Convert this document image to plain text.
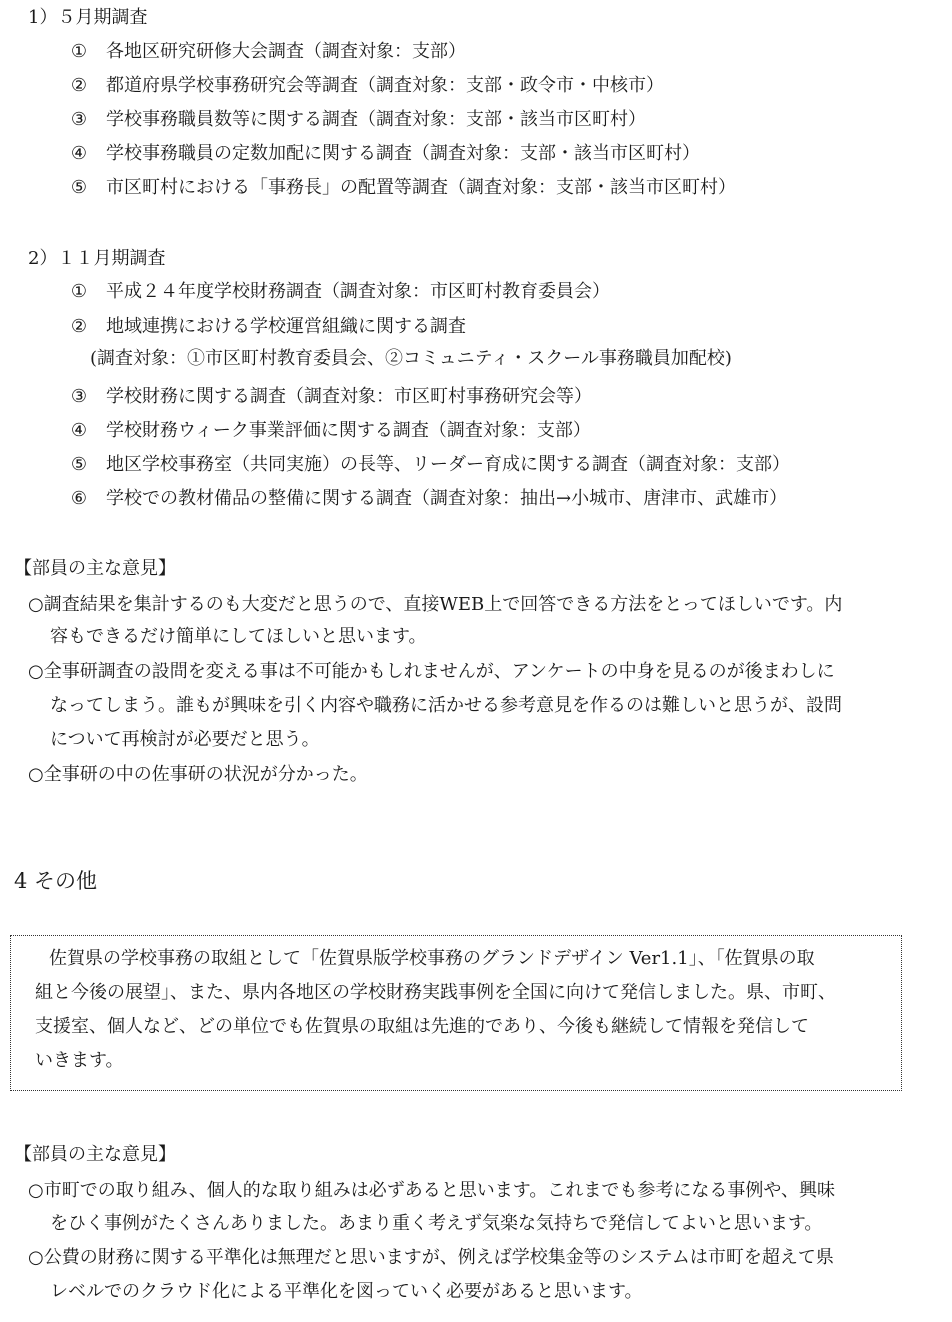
1）５月期調査
① 各地区研究研修大会調査（調査対象：支部）
② 都道府県学校事務研究会等調査（調査対象：支部・政令市・中核市）
③ 学校事務職員数等に関する調査（調査対象：支部・該当市区町村）
④ 学校事務職員の定数加配に関する調査（調査対象：支部・該当市区町村）
⑤ 市区町村における「事務長」の配置等調査（調査対象：支部・該当市区町村）
2）１１月期調査
① 平成２４年度学校財務調査（調査対象：市区町村教育委員会）
② 地域連携における学校運営組織に関する調査
(調査対象：①市区町村教育委員会、②コミュニティ・スクール事務職員加配校)
③ 学校財務に関する調査（調査対象：市区町村事務研究会等）
④ 学校財務ウィーク事業評価に関する調査（調査対象：支部）
⑤ 地区学校事務室（共同実施）の長等、リーダー育成に関する調査（調査対象：支部）
⑥ 学校での教材備品の整備に関する調査（調査対象：抽出→小城市、唐津市、武雄市）
【部員の主な意見】
○調査結果を集計するのも大変だと思うので、直接WEB上で回答できる方法をとってほしいです。内
容もできるだけ簡単にしてほしいと思います。
○全事研調査の設問を変える事は不可能かもしれませんが、アンケートの中身を見るのが後まわしに
なってしまう。誰もが興味を引く内容や職務に活かせる参考意見を作るのは難しいと思うが、設問
について再検討が必要だと思う。
○全事研の中の佐事研の状況が分かった。
4 その他
佐賀県の学校事務の取組として「佐賀県版学校事務のグランドデザイン Ver1.1」、「佐賀県の取
組と今後の展望」、また、県内各地区の学校財務実践事例を全国に向けて発信しました。県、市町、
支援室、個人など、どの単位でも佐賀県の取組は先進的であり、今後も継続して情報を発信して
いきます。
【部員の主な意見】
○市町での取り組み、個人的な取り組みは必ずあると思います。これまでも参考になる事例や、興味
をひく事例がたくさんありました。あまり重く考えず気楽な気持ちで発信してよいと思います。
○公費の財務に関する平準化は無理だと思いますが、例えば学校集金等のシステムは市町を超えて県
レベルでのクラウド化による平準化を図っていく必要があると思います。
